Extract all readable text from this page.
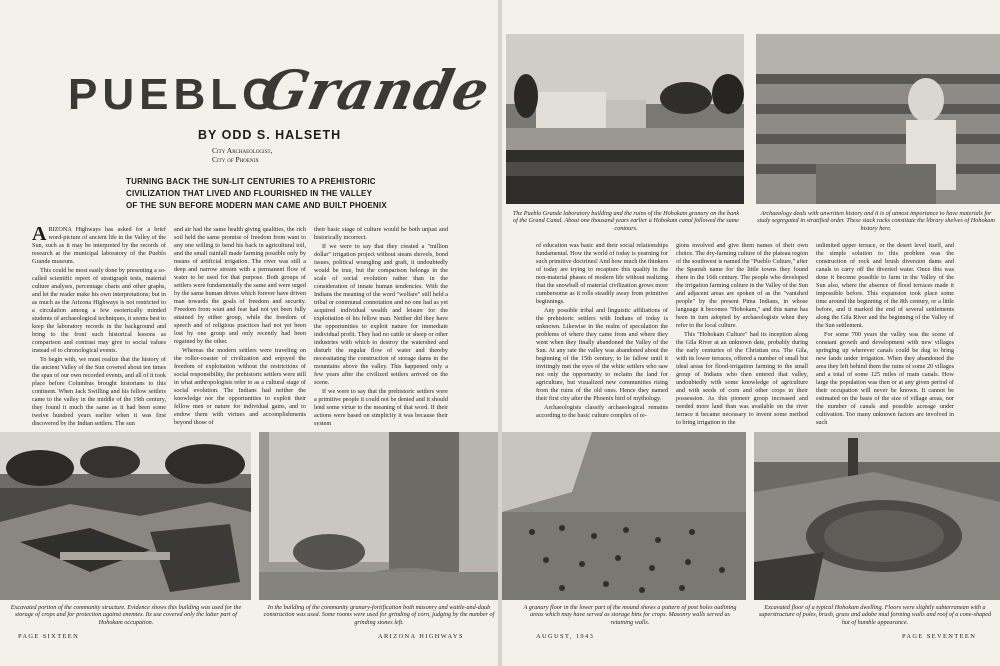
PUEBLO
Grande
BY ODD S. HALSETH
City Archaeologist,
City of Phoenix
TURNING BACK THE SUN-LIT CENTURIES TO A PREHISTORIC
CIVILIZATION THAT LIVED AND FLOURISHED IN THE VALLEY
OF THE SUN BEFORE MODERN MAN CAME AND BUILT PHOENIX

ARIZONA Highways has asked for a brief word-picture of ancient life in the Valley of the Sun, such as it may be interpreted by the records of research at the municipal laboratory of the Pueblo Grande museum.

This could be most easily done by presenting a so-called scientific report of stratigraph tests, material culture analyses, percentage charts and other graphs, and let the reader make his own interpretations; but in as much as the Arizona Highways is not restricted to a circulation among a few esoterically minded students of archaeological techniques, it seems best to keep the laboratory records in the background and bring to the front such historical lessons as comparison and contrast may give to social values instead of to chronological events.

To begin with, we must realize that the history of the ancient Valley of the Sun covered about ten times the span of our own recorded events, and all of it took place before Columbus brought historians to this continent. When Jack Swilling and his fellow settlers came to the valley in the middle of the 19th century, they found it much the same as it had been some twelve hundred years earlier when it was first discovered by the Indian settlers. The sun

and air had the same health giving qualities, the rich soil held the same promise of freedom from want to any one willing to bend his back in agricultural toil, and the small rainfall made farming possible only by means of artificial irrigation. The river was still a deep and narrow stream with a permanent flow of water to be used for that purpose. Both groups of settlers were fundamentally the same and were urged by the same human drives which forever have driven man towards the goals of freedom and security. Freedom from want and fear had not yet been fully attained by either group, while the freedom of speech and of religious practices had not yet been lost by one group and only recently had been regained by the other.

Whereas the modern settlers were traveling on the roller-coaster of civilization and enjoyed the freedom of exploitation without the restrictions of social responsibility, the prehistoric settlers were still in what anthropologists refer to as a cultural stage of social evolution. The Indians had neither the knowledge nor the opportunities to exploit their fellow men or nature for individual gains, and to endow them with virtues and accomplishments beyond those of

their basic stage of culture would be both unjust and historically incorrect.

If we were to say that they created a "million dollar" irrigation project without steam shovels, bond issues, political wrangling and graft, it undoubtedly would be true, but the comparison belongs in the scale of social evolution rather than in the consideration of innate human tendencies. With the Indians the meaning of the word "welfare" still held a tribal or communal connotation and no one had as yet acquired individual wealth and leisure for the exploitation of his fellow man. Neither did they have the opportunities to exploit nature for immediate individual profit. They had no cattle or sheep or other industries with which to destroy the watershed and disturb the regular flow of water and thereby necessitating the construction of storage dams in the mountains above the valley. This happened only a few years after the civilized settlers arrived on the scene.

If we were to say that the prehistoric settlers were a primitive people it could not be denied and it should lend some virtue to the meaning of that word. If their actions were based on simplicity it was because their system

Excavated portion of the community structure. Evidence shows this building was used for the storage of crops and for protection against enemies. Its use covered only the latter part of Hohokam occupation.
In the building of the community granary-fortification both masonry and wattle-and-daub construction was used. Some rooms were used for grinding of corn, judging by the number of grinding stones left.
PAGE SIXTEEN	ARIZONA HIGHWAYS
The Pueblo Grande laboratory building and the ruins of the Hohokam granary on the bank of the Grand Canal. About one thousand years earlier a Hohokam canal followed the same contours.
Archaeology deals with unwritten history and it is of utmost importance to have materials for study segregated in stratified order. These stack racks constitute the library shelves of Hohokam history here.

of education was basic and their social relationships fundamental. How the world of today is yearning for such primitive doctrines! And how much the thinkers of today are trying to recapture this quality in the non-material phases of modern life without realizing that the snowball of material civilization grows more cumbersome as it rolls steadily away from primitive beginnings.

Any possible tribal and linguistic affiliations of the prehistoric settlers with Indians of today is unknown. Likewise in the realm of speculation the problems of where they came from and where they went when they finally abandoned the Valley of the Sun. At any rate the valley was abandoned about the beginning of the 15th century, to lie fallow until it invitingly met the eyes of the white settlers who saw not only the opportunity to reclaim the land for agriculture, but visualized new communities rising from the ruins of the old ones. Hence they named their first city after the Phoenix bird of mythology.

Archaeologists classify archaeological remains according to the basic culture complex of re-

gions involved and give them names of their own choice. The dry-farming culture of the plateau region of the southwest is named the "Pueblo Culture," after the Spanish name for the little towns they found there in the 16th century. The people who developed the irrigation farming culture in the Valley of the Sun and adjacent areas are spoken of as the "vanished people" by the present Pima Indians, in whose language it becomes "Hohokam," and this name has been in turn adopted by archaeologists when they refer to the local culture.

This "Hohokam Culture" had its inception along the Gila River at an unknown date, probably during the early centuries of the Christian era. The Gila, with its lower terraces, offered a number of small but ideal areas for flood-irrigation farming to the small group of Indians who then entered that valley, undoubtedly with some knowledge of agriculture and with seeds of corn and other crops in their possession. As this pioneer group increased and needed more land than was available on the river terrace it became necessary to invent some method to bring irrigation to the

unlimited upper terrace, or the desert level itself, and the simple solution to this problem was the construction of rock and brush diversion dams and canals to carry off the diverted water. Once this was done it become possible to farm in the Valley of the Sun also, where the absence of flood terraces made it impossible before. This expansion took place some time around the beginning of the 8th century, or a little before, and it marked the end of several settlements along the Gila River and the beginning of the Valley of the Sun settlement.

For some 700 years the valley was the scene of constant growth and development with new villages springing up wherever canals could be dug to bring new lands under irrigation. When they abandoned the area they left behind them the ruins of some 20 villages and a total of some 125 miles of main canals. How large the population was then or at any given period of their occupation will never be known. It cannot be estimated on the basis of the size of village areas, nor the number of canals and possible acreage under cultivation. Too many unknown factors are involved in such

A granary floor in the lower part of the mound shows a pattern of post holes outlining areas which may have served as storage bins for crops. Masonry walls served as retaining walls.
Excavated floor of a typical Hohokam dwelling. Floors were slightly subterranean with a superstructure of poles, brush, grass and adobe mud forming walls and roof of a cone-shaped hut of humble appearance.
AUGUST, 1943	PAGE SEVENTEEN
